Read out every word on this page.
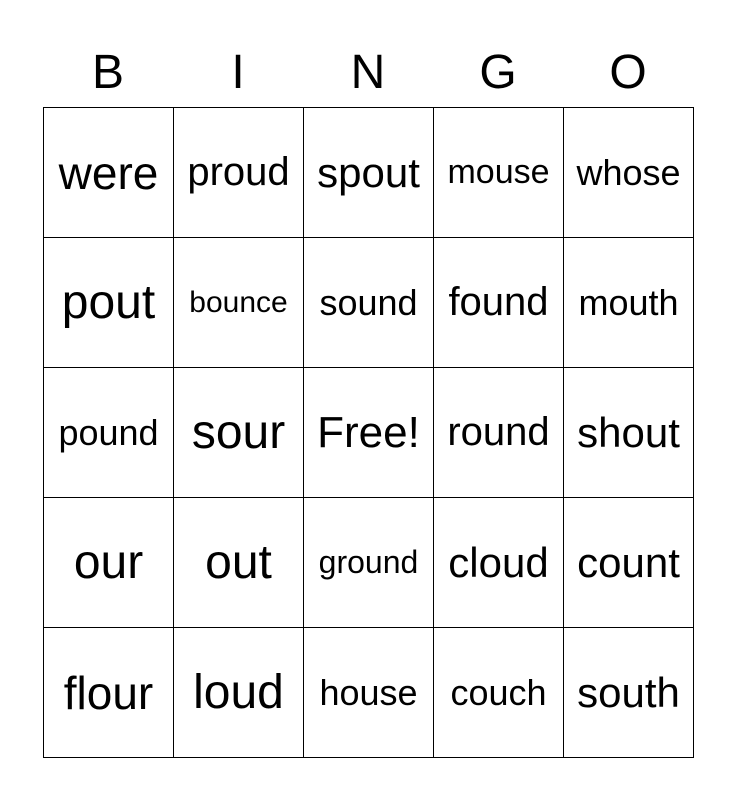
B	I	N	G	O
were proud spout mouse whose
pout	bounce sound found mouth
pound sour Free! round shout
our	out	ground cloud count
flour loud house couch south
